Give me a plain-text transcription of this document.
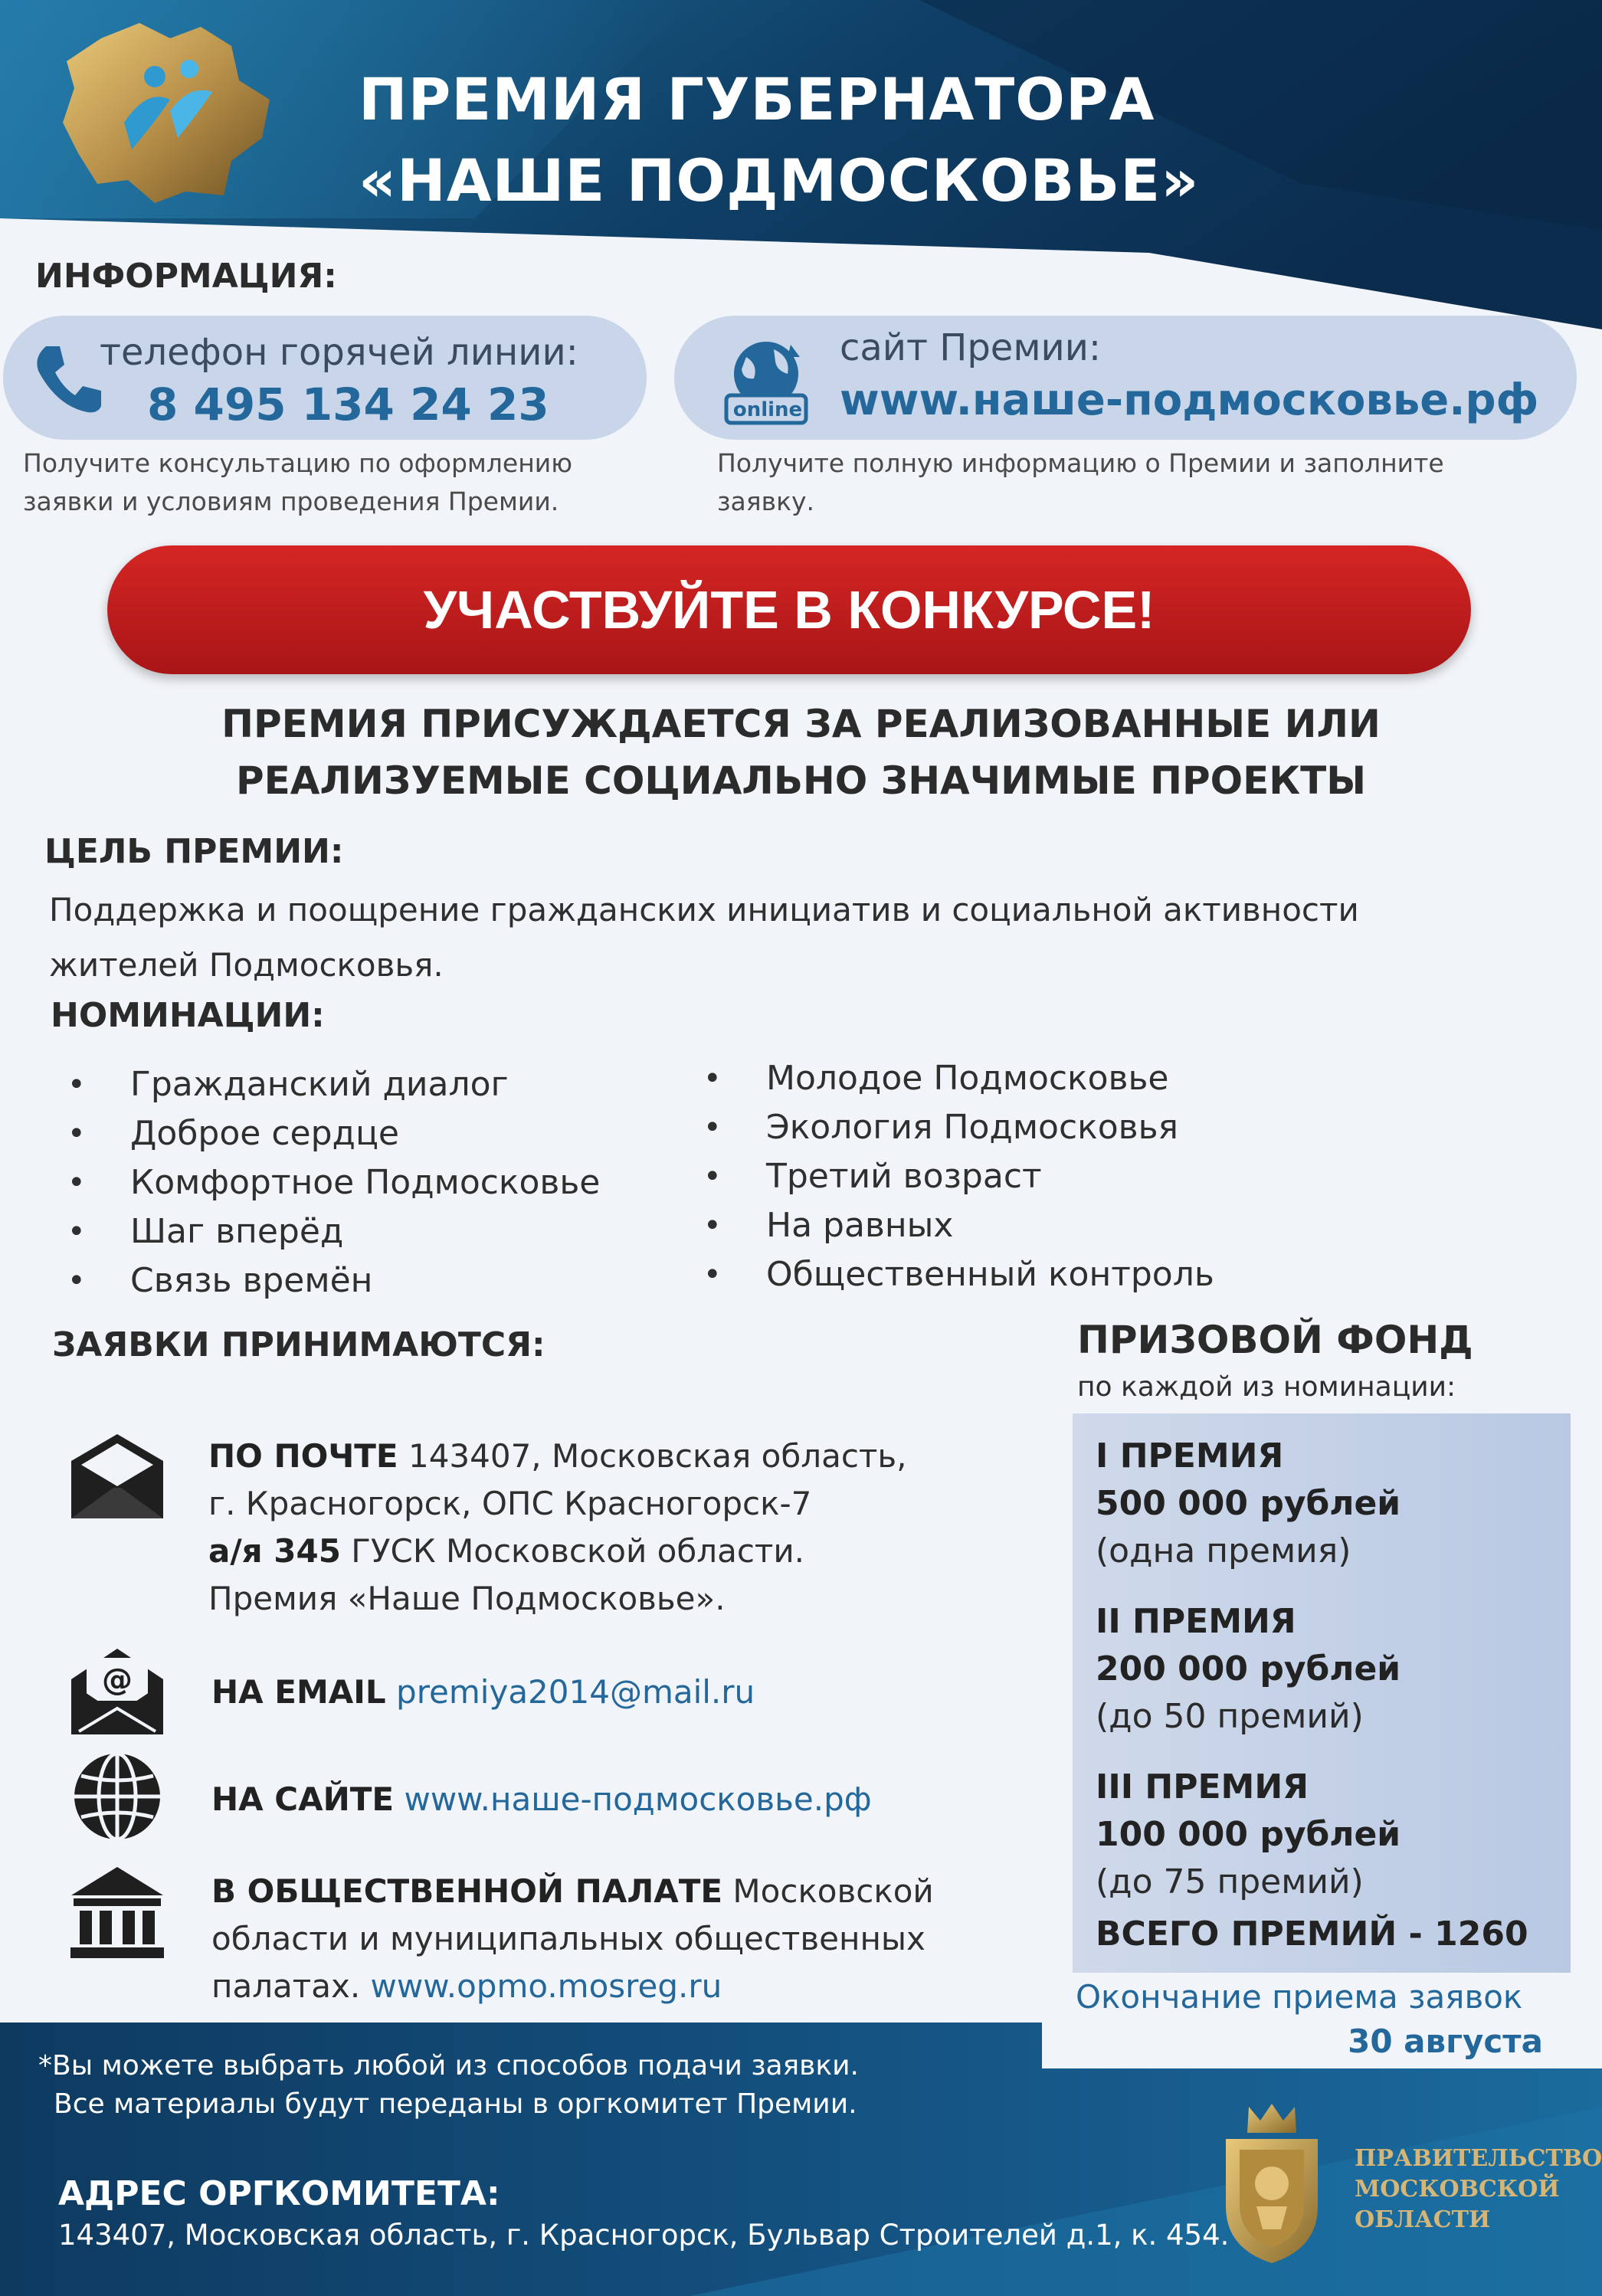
ПРЕМИЯ ГУБЕРНАТОРА
«НАШЕ ПОДМОСКОВЬЕ»
ИНФОРМАЦИЯ:
телефон горячей линии:
8 495 134 24 23
Получите консультацию по оформлению
заявки и условиям проведения Премии.
online
сайт Премии:
www.наше-подмосковье.рф
Получите полную информацию о Премии и заполните
заявку.
УЧАСТВУЙТЕ В КОНКУРСЕ!
ПРЕМИЯ ПРИСУЖДАЕТСЯ ЗА РЕАЛИЗОВАННЫЕ ИЛИ
РЕАЛИЗУЕМЫЕ СОЦИАЛЬНО ЗНАЧИМЫЕ ПРОЕКТЫ
ЦЕЛЬ ПРЕМИИ:
Поддержка и поощрение гражданских инициатив и социальной активности
жителей Подмосковья.
НОМИНАЦИИ:
• Гражданский диалог
• Доброе сердце
• Комфортное Подмосковье
• Шаг вперёд
• Связь времён
• Молодое Подмосковье
• Экология Подмосковья
• Третий возраст
• На равных
• Общественный контроль
ЗАЯВКИ ПРИНИМАЮТСЯ:
ПО ПОЧТЕ 143407, Московская область,
г. Красногорск, ОПС Красногорск-7
а/я 345 ГУСК Московской области.
Премия «Наше Подмосковье».
@ НА EMAIL premiya2014@mail.ru
НА САЙТЕ www.наше-подмосковье.рф
В ОБЩЕСТВЕННОЙ ПАЛАТЕ Московской
области и муниципальных общественных
палатах. www.opmo.mosreg.ru
ПРИЗОВОЙ ФОНД
по каждой из номинации:
I ПРЕМИЯ
500 000 рублей
(одна премия)
II ПРЕМИЯ
200 000 рублей
(до 50 премий)
III ПРЕМИЯ
100 000 рублей
(до 75 премий)
ВСЕГО ПРЕМИЙ - 1260
Окончание приема заявок
30 августа
*Вы можете выбрать любой из способов подачи заявки.
Все материалы будут переданы в оргкомитет Премии.
АДРЕС ОРГКОМИТЕТА:
143407, Московская область, г. Красногорск, Бульвар Строителей д.1, к. 454.
ПРАВИТЕЛЬСТВО
МОСКОВСКОЙ
ОБЛАСТИ
